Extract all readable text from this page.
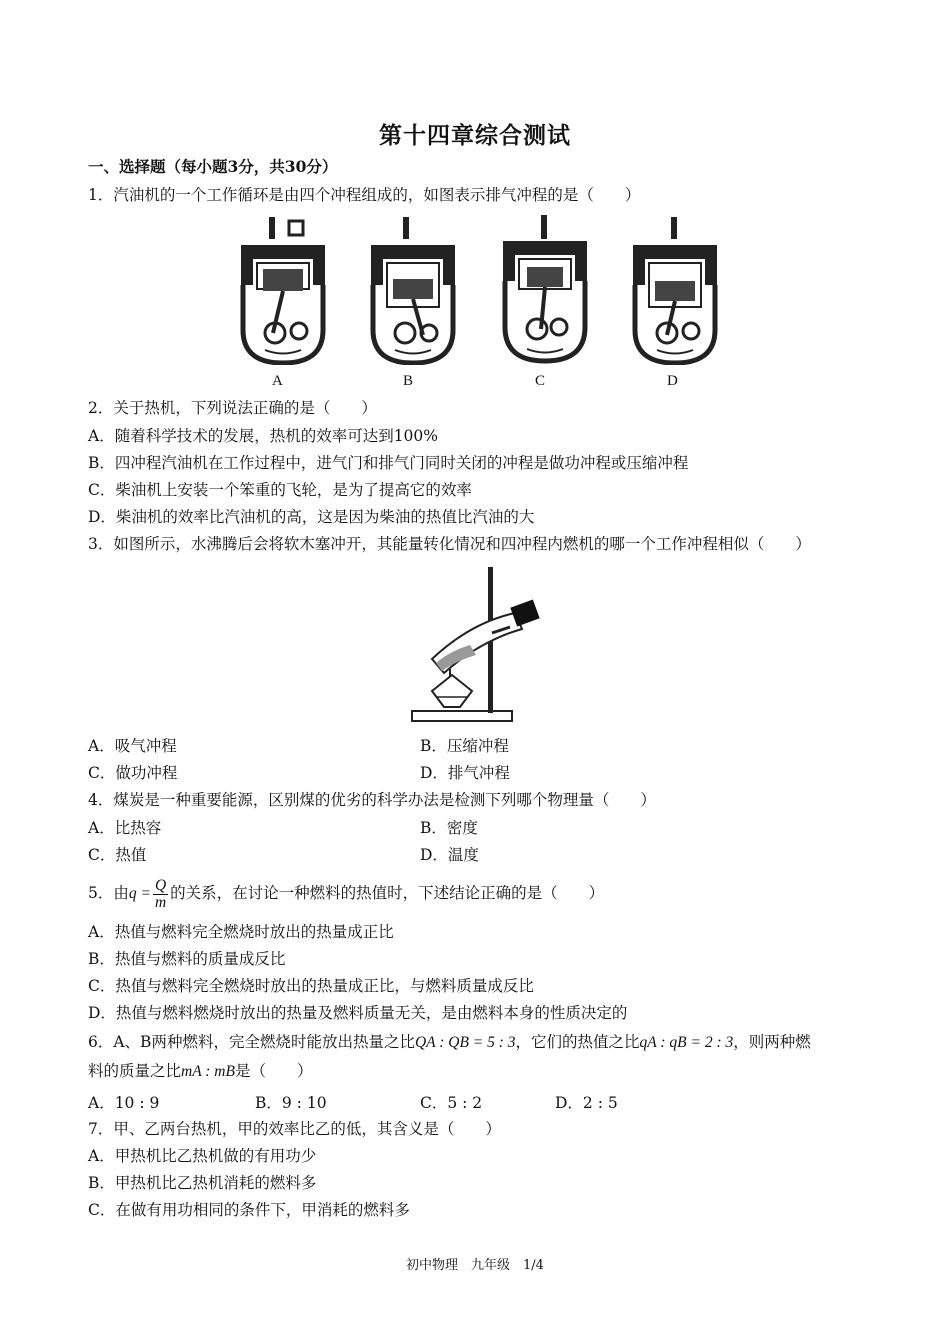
第十四章综合测试
一、选择题（每小题3分，共30分）
1．汽油机的一个工作循环是由四个冲程组成的，如图表示排气冲程的是（　　）
A	B	C	D
2．关于热机，下列说法正确的是（　　）
A．随着科学技术的发展，热机的效率可达到100%
B．四冲程汽油机在工作过程中，进气门和排气门同时关闭的冲程是做功冲程或压缩冲程
C．柴油机上安装一个笨重的飞轮，是为了提高它的效率
D．柴油机的效率比汽油机的高，这是因为柴油的热值比汽油的大
3．如图所示，水沸腾后会将软木塞冲开，其能量转化情况和四冲程内燃机的哪一个工作冲程相似（　　）
A．吸气冲程	B．压缩冲程
C．做功冲程	D．排气冲程
4．煤炭是一种重要能源，区别煤的优劣的科学办法是检测下列哪个物理量（　　）
A．比热容	B．密度
C．热值	D．温度
5．由$q = \frac{Q}{m}$ 的关系，在讨论一种燃料的热值时，下述结论正确的是（　　）
A．热值与燃料完全燃烧时放出的热量成正比
B．热值与燃料的质量成反比
C．热值与燃料完全燃烧时放出的热量成正比，与燃料质量成反比
D．热值与燃料燃烧时放出的热量及燃料质量无关，是由燃料本身的性质决定的
6．A、B两种燃料，完全燃烧时能放出热量之比QA : QB = 5 : 3，它们的热值之比qA : qB = 2 : 3，则两种燃
料的质量之比mA : mB是（　　）
A．10 : 9	B．9 : 10	C．5 : 2	D．2 : 5
7．甲、乙两台热机，甲的效率比乙的低，其含义是（　　）
A．甲热机比乙热机做的有用功少
B．甲热机比乙热机消耗的燃料多
C．在做有用功相同的条件下，甲消耗的燃料多
初中物理　九年级　1/4
